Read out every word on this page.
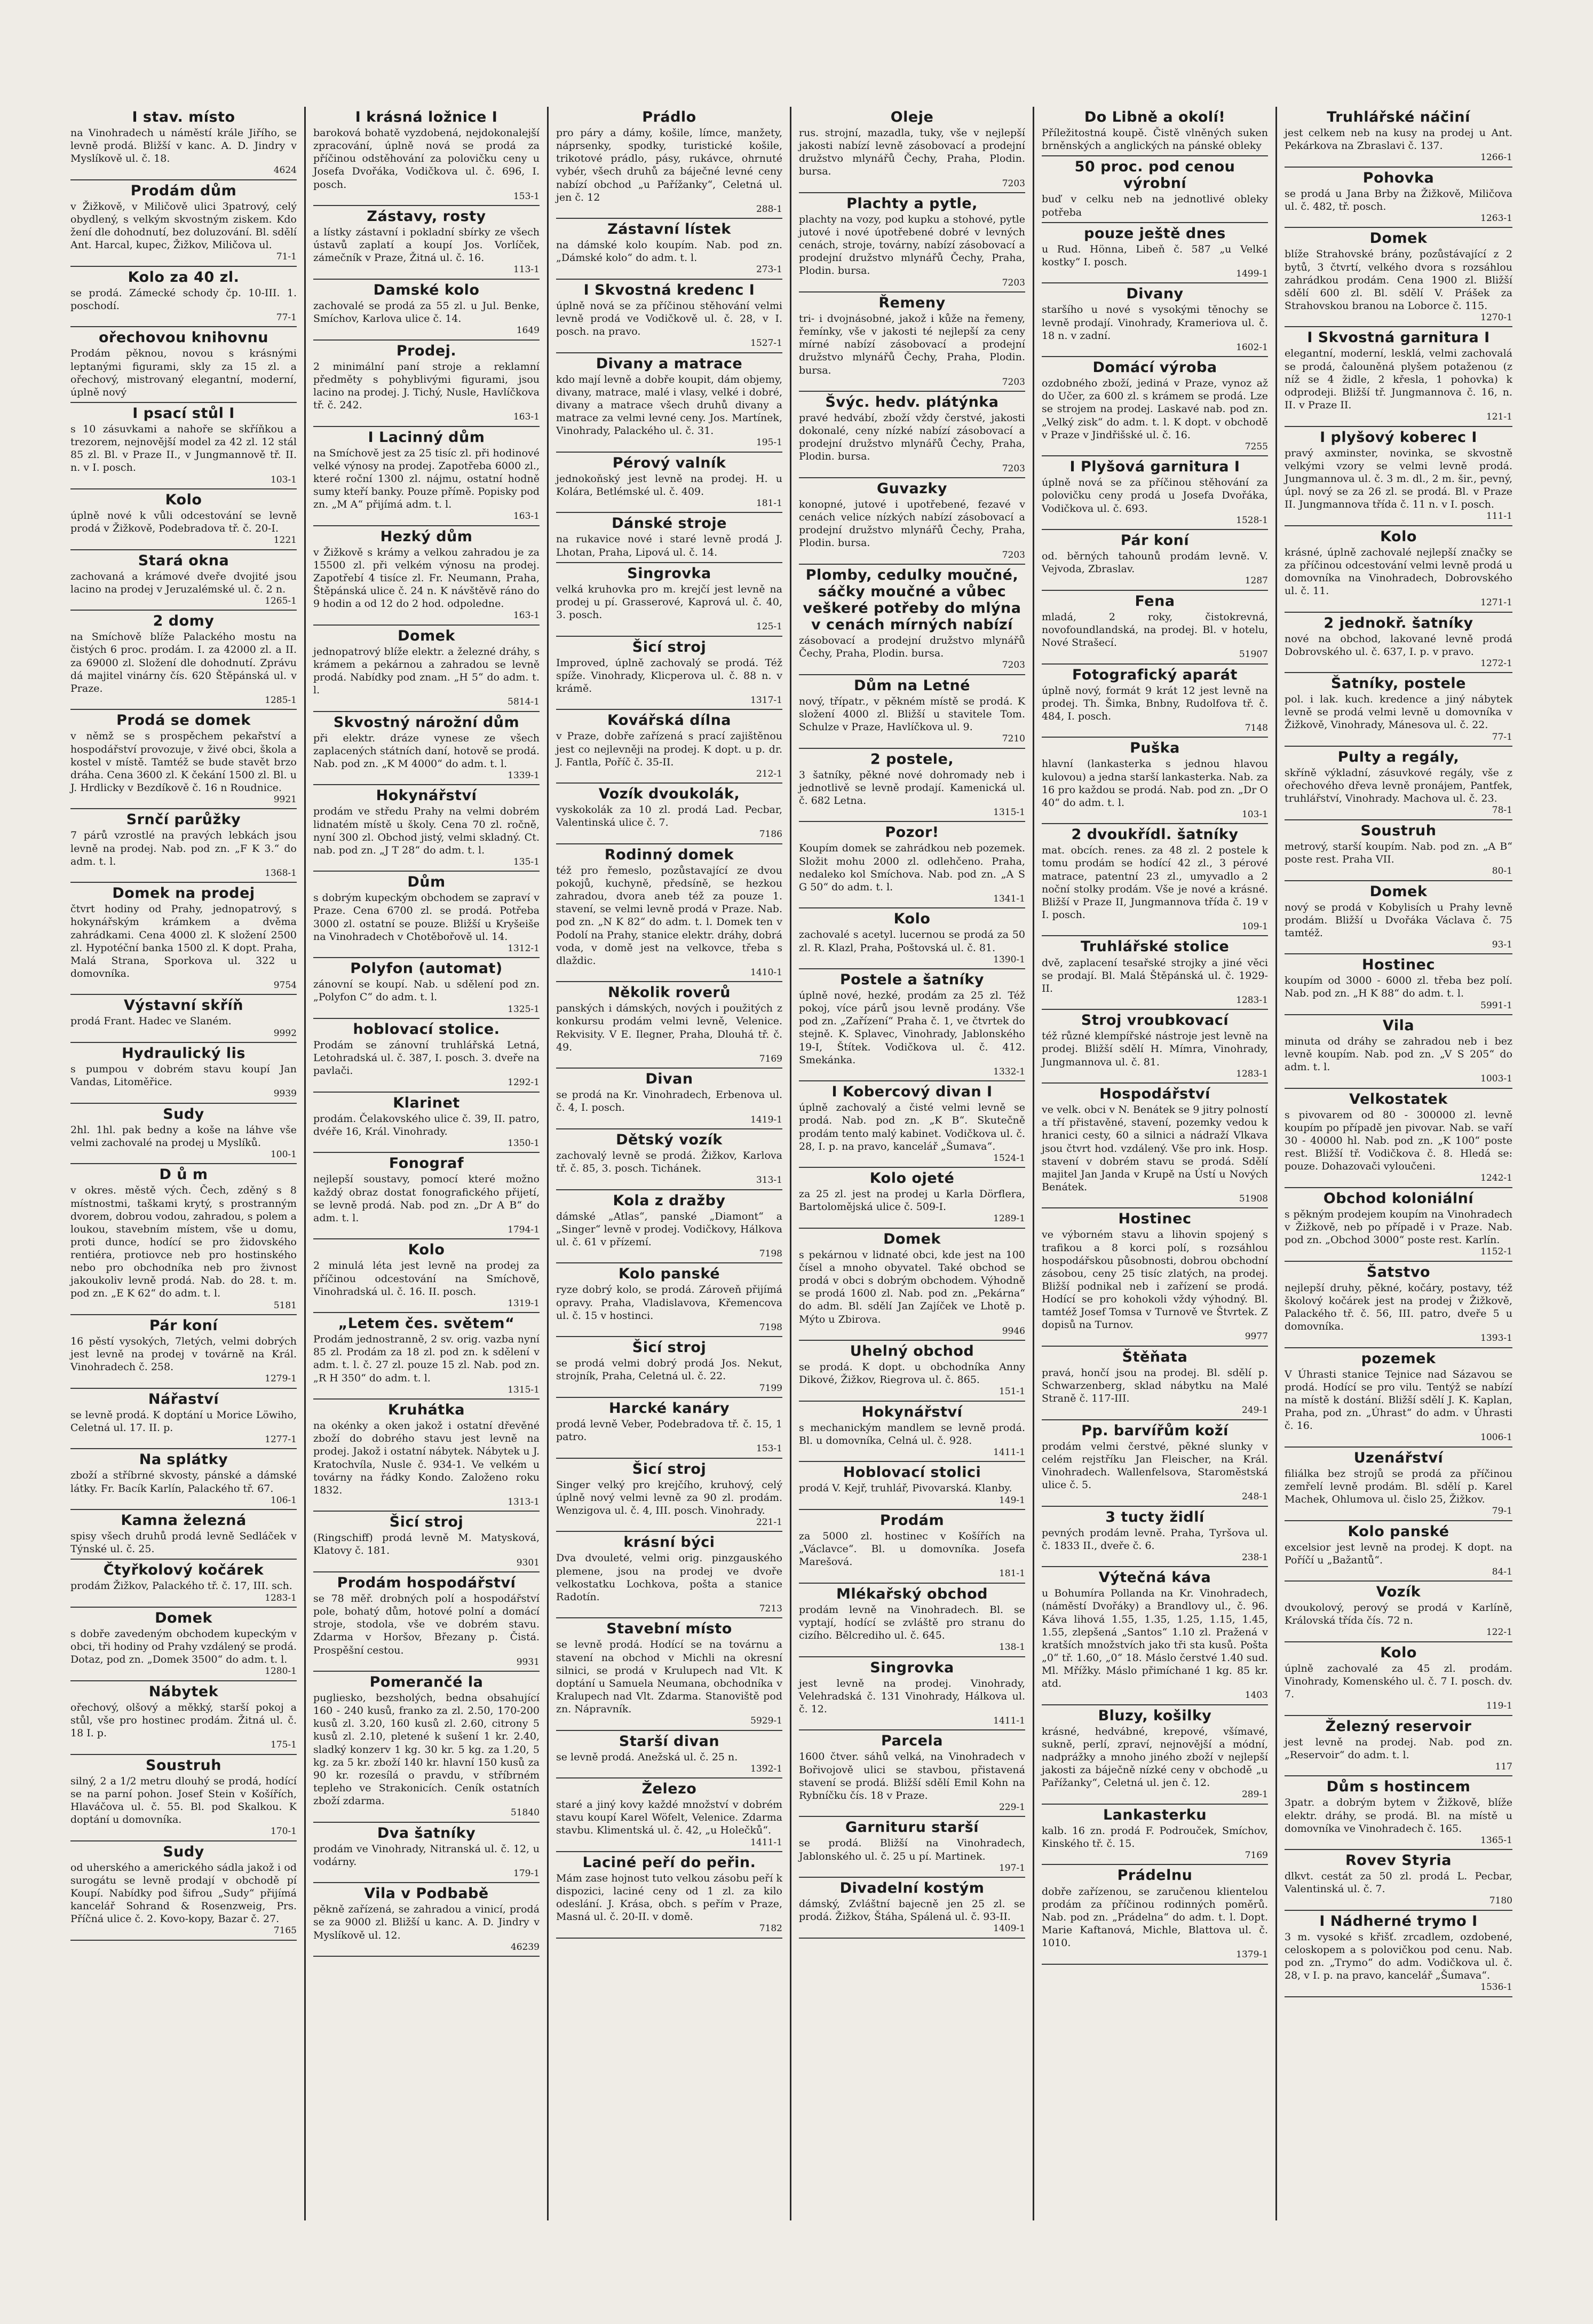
I stav. místo

na Vinohradech u náměstí krále Jiřího, se levně prodá. Bližší v kanc. A. D. Jindry v Myslíkově ul. č. 18.

4624
Prodám dům

v Žižkově, v Miličově ulici 3patrový, celý obydlený, s velkým skvostným ziskem. Kdo žení dle dohodnutí, bez doluzování. Bl. sdělí Ant. Harcal, kupec, Žižkov, Miličova ul.

71-1
Kolo za 40 zl.

se prodá. Zámecké schody čp. 10-III. 1. poschodí.

77-1
ořechovou knihovnu

Prodám pěknou, novou s krásnými leptanými figurami, skly za 15 zl. a ořechový, mistrovaný elegantní, moderní, úplně nový

I psací stůl I

s 10 zásuvkami a nahoře se skříňkou a trezorem, nejnovější model za 42 zl. 12 stál 85 zl. Bl. v Praze II., v Jungmannově tř. II. n. v I. posch.

103-1
Kolo

úplně nové k vůli odcestování se levně prodá v Žižkově, Podebradova tř. č. 20-I.

1221
Stará okna

zachovaná a krámové dveře dvojité jsou lacino na prodej v Jeruzalémské ul. č. 2 n.

1265-1
2 domy

na Smíchově blíže Palackého mostu na čistých 6 proc. prodám. I. za 42000 zl. a II. za 69000 zl. Složení dle dohodnutí. Zprávu dá majitel vinárny čís. 620 Štěpánská ul. v Praze.

1285-1
Prodá se domek

v němž se s prospěchem pekařství a hospodářství provozuje, v živé obci, škola a kostel v místě. Tamtéž se bude stavět brzo dráha. Cena 3600 zl. K čekání 1500 zl. Bl. u J. Hrdlicky v Bezdíkově č. 16 n Roudnice.

9921
Srnčí parůžky

7 párů vzrostlé na pravých lebkách jsou levně na prodej. Nab. pod zn. „F K 3.“ do adm. t. l.

1368-1
Domek na prodej

čtvrt hodiny od Prahy, jednopatrový, s hokynářským krámkem a dvěma zahrádkami. Cena 4000 zl. K složení 2500 zl. Hypotéční banka 1500 zl. K dopt. Praha, Malá Strana, Sporkova ul. 322 u domovníka.

9754
Výstavní skříň

prodá Frant. Hadec ve Slaném.

9992
Hydraulický lis

s pumpou v dobrém stavu koupí Jan Vandas, Litoměřice.

9939
Sudy

2hl. 1hl. pak bedny a koše na láhve vše velmi zachovalé na prodej u Myslíků.

100-1
D ů m

v okres. městě vých. Čech, zděný s 8 místnostmi, taškami krytý, s prostranným dvorem, dobrou vodou, zahradou, s polem a loukou, stavebním místem, vše u domu, proti dunce, hodící se pro židovského rentiéra, protiovce neb pro hostinského nebo pro obchodníka neb pro živnost jakoukoliv levně prodá. Nab. do 28. t. m. pod zn. „E K 62“ do adm. t. l.

5181
Pár koní

16 pěstí vysokých, 7letých, velmi dobrých jest levně na prodej v továrně na Král. Vinohradech č. 258.

1279-1
Nářaství

se levně prodá. K doptání u Morice Löwiho, Celetná ul. 17. II. p.

1277-1
Na splátky

zboží a stříbrné skvosty, pánské a dámské látky. Fr. Bacík Karlín, Palackého tř. 67.

106-1
Kamna železná

spisy všech druhů prodá levně Sedláček v Týnské ul. č. 25.

Čtyřkolový kočárek

prodám Žižkov, Palackého tř. č. 17, III. sch.

1283-1
Domek

s dobře zavedeným obchodem kupeckým v obci, tři hodiny od Prahy vzdálený se prodá. Dotaz, pod zn. „Domek 3500“ do adm. t. l.

1280-1
Nábytek

ořechový, olšový a měkký, starší pokoj a stůl, vše pro hostinec prodám. Žitná ul. č. 18 I. p.

175-1
Soustruh

silný, 2 a 1/2 metru dlouhý se prodá, hodící se na parní pohon. Josef Stein v Košířích, Hlaváčova ul. č. 55. Bl. pod Skalkou. K doptání u domovníka.

170-1
Sudy

od uherského a amerického sádla jakož i od surogátu se levně prodají v obchodě pí Koupí. Nabídky pod šifrou „Sudy“ přijímá kancelář Sohrand & Rosenzweig, Prs. Příčná ulice č. 2. Kovo-kopy, Bazar č. 27.

7165
I krásná ložnice I

baroková bohatě vyzdobená, nejdokonalejší zpracování, úplně nová se prodá za příčinou odstěhování za polovičku ceny u Josefa Dvořáka, Vodičkova ul. č. 696, I. posch.

153-1
Zástavy, rosty

a lístky zástavní i pokladní sbírky ze všech ústavů zaplatí a koupí Jos. Vorlíček, zámečník v Praze, Žitná ul. č. 16.

113-1
Damské kolo

zachovalé se prodá za 55 zl. u Jul. Benke, Smíchov, Karlova ulice č. 14.

1649
Prodej.

2 minimální paní stroje a reklamní předměty s pohyblivými figurami, jsou lacino na prodej. J. Tichý, Nusle, Havlíčkova tř. č. 242.

163-1
I Lacinný dům

na Smíchově jest za 25 tisíc zl. při hodinové velké výnosy na prodej. Zapotřeba 6000 zl., které roční 1300 zl. nájmu, ostatní hodně sumy kteří banky. Pouze přímě. Popisky pod zn. „M A“ přijímá adm. t. l.

163-1
Hezký dům

v Žižkově s krámy a velkou zahradou je za 15500 zl. při velkém výnosu na prodej. Zapotřebí 4 tisíce zl. Fr. Neumann, Praha, Štěpánská ulice č. 24 n. K návštěvě ráno do 9 hodin a od 12 do 2 hod. odpoledne.

163-1
Domek

jednopatrový blíže elektr. a železné dráhy, s krámem a pekárnou a zahradou se levně prodá. Nabídky pod znam. „H 5“ do adm. t. l.

5814-1
Skvostný nárožní dům

při elektr. dráze vynese ze všech zaplacených státních daní, hotově se prodá. Nab. pod zn. „K M 4000“ do adm. t. l.

1339-1
Hokynářství

prodám ve středu Prahy na velmi dobrém lidnatém místě u školy. Cena 70 zl. ročně, nyní 300 zl. Obchod jistý, velmi skladný. Ct. nab. pod zn. „J T 28“ do adm. t. l.

135-1
Dům

s dobrým kupeckým obchodem se zapraví v Praze. Cena 6700 zl. se prodá. Potřeba 3000 zl. ostatní se pouze. Bližší u Kryšeiše na Vinohradech v Chotěbořově ul. 14.

1312-1
Polyfon (automat)

zánovní se koupí. Nab. u sdělení pod zn. „Polyfon C“ do adm. t. l.

1325-1
hoblovací stolice.

Prodám se zánovní truhlářská Letná, Letohradská ul. č. 387, I. posch. 3. dveře na pavlači.

1292-1
Klarinet

prodám. Čelakovského ulice č. 39, II. patro, dvéře 16, Král. Vinohrady.

1350-1
Fonograf

nejlepší soustavy, pomocí které možno každý obraz dostat fonografického přijetí, se levně prodá. Nab. pod zn. „Dr A B“ do adm. t. l.

1794-1
Kolo

2 minulá léta jest levně na prodej za příčinou odcestování na Smíchově, Vinohradská ul. č. 16. II. posch.

1319-1
„Letem čes. světem“

Prodám jednostranně, 2 sv. orig. vazba nyní 85 zl. Prodám za 18 zl. pod zn. k sdělení v adm. t. l. č. 27 zl. pouze 15 zl. Nab. pod zn. „R H 350“ do adm. t. l.

1315-1
Kruhátka

na okénky a oken jakož i ostatní dřevěné zboží do dobrého stavu jest levně na prodej. Jakož i ostatní nábytek. Nábytek u J. Kratochvíla, Nusle č. 934-1. Ve velkém u továrny na řádky Kondo. Založeno roku 1832.

1313-1
Šicí stroj

(Ringschiff) prodá levně M. Matysková, Klatovy č. 181.

9301
Prodám hospodářství

se 78 měř. drobných polí a hospodářství pole, bohatý dům, hotové polní a domácí stroje, stodola, vše ve dobrém stavu. Zdarma v Horšov, Březany p. Čistá. Prospěšní cestou.

9931
Pomerančé la

pugliesko, bezsholých, bedna obsahující 160 - 240 kusů, franko za zl. 2.50, 170-200 kusů zl. 3.20, 160 kusů zl. 2.60, citrony 5 kusů zl. 2.10, pletené k sušení 1 kr. 2.40, sladký konzerv 1 kg. 30 kr. 5 kg. za 1.20, 5 kg. za 5 kr. zboží 140 kr. hlavní 150 kusů za 90 kr. rozesílá o pravdu, v stříbrném tepleho ve Strakonicích. Ceník ostatních zboží zdarma.

51840
Dva šatníky

prodám ve Vinohrady, Nitranská ul. č. 12, u vodárny.

179-1
Vila v Podbabě

pěkně zařízená, se zahradou a vinicí, prodá se za 9000 zl. Bližší u kanc. A. D. Jindry v Myslíkově ul. 12.

46239
Prádlo

pro páry a dámy, košile, límce, manžety, náprsenky, spodky, turistické košile, trikotové prádlo, pásy, rukávce, ohrnuté vybér, všech druhů za báječné levné ceny nabízí obchod „u Pařížanky“, Celetná ul. jen č. 12

288-1
Zástavní lístek

na dámské kolo koupím. Nab. pod zn. „Dámské kolo“ do adm. t. l.

273-1
I Skvostná kredenc I

úplně nová se za příčinou stěhování velmi levně prodá ve Vodičkově ul. č. 28, v I. posch. na pravo.

1527-1
Divany a matrace

kdo mají levně a dobře koupit, dám objemy, divany, matrace, malé i vlasy, velké i dobré, divany a matrace všech druhů divany a matrace za velmi levné ceny. Jos. Martínek, Vinohrady, Palackého ul. č. 31.

195-1
Pérový valník

jednokoňský jest levně na prodej. H. u Kolára, Betlémské ul. č. 409.

181-1
Dánské stroje

na rukavice nové i staré levně prodá J. Lhotan, Praha, Lipová ul. č. 14.

Singrovka

velká kruhovka pro m. krejčí jest levně na prodej u pí. Grasserové, Kaprová ul. č. 40, 3. posch.

125-1
Šicí stroj

Improved, úplně zachovalý se prodá. Též spíže. Vinohrady, Klicperova ul. č. 88 n. v krámě.

1317-1
Kovářská dílna

v Praze, dobře zařízená s prací zajištěnou jest co nejlevněji na prodej. K dopt. u p. dr. J. Fantla, Poříč č. 35-II.

212-1
Vozík dvoukolák,

vyskokolák za 10 zl. prodá Lad. Pecbar, Valentinská ulice č. 7.

7186
Rodinný domek

též pro řemeslo, pozůstavající ze dvou pokojů, kuchyně, předsíně, se hezkou zahradou, dvora aneb též za pouze 1. stavení, se velmi levně prodá v Praze. Nab. pod zn. „N K 82“ do adm. t. l. Domek ten v Podolí na Prahy, stanice elektr. dráhy, dobrá voda, v domě jest na velkovce, třeba s dlaždic.

1410-1
Několik roverů

panských i dámských, nových i použitých z konkursu prodám velmi levně, Velenice. Rekvisity. V E. Ilegner, Praha, Dlouhá tř. č. 49.

7169
Divan

se prodá na Kr. Vinohradech, Erbenova ul. č. 4, I. posch.

1419-1
Dětský vozík

zachovalý levně se prodá. Žižkov, Karlova tř. č. 85, 3. posch. Tichánek.

313-1
Kola z dražby

dámské „Atlas“, panské „Diamont“ a „Singer“ levně v prodej. Vodičkovy, Hálkova ul. č. 61 v přízemí.

7198
Kolo panské

ryze dobrý kolo, se prodá. Zároveň přijímá opravy. Praha, Vladislavova, Křemencova ul. č. 15 v hostinci.

7198
Šicí stroj

se prodá velmi dobrý prodá Jos. Nekut, strojník, Praha, Celetná ul. č. 22.

7199
Harcké kanáry

prodá levně Veber, Podebradova tř. č. 15, 1 patro.

153-1
Šicí stroj

Singer velký pro krejčího, kruhový, celý úplně nový velmi levně za 90 zl. prodám. Wenzigova ul. č. 4, III. posch. Vinohrady.

221-1
krásní býci

Dva dvouleté, velmi orig. pinzgauského plemene, jsou na prodej ve dvoře velkostatku Lochkova, pošta a stanice Radotín.

7213
Stavební místo

se levně prodá. Hodící se na továrnu a stavení na obchod v Michli na okresní silnici, se prodá v Krulupech nad Vlt. K doptání u Samuela Neumana, obchodníka v Kralupech nad Vlt. Zdarma. Stanoviště pod zn. Nápravník.

5929-1
Starší divan

se levně prodá. Anežská ul. č. 25 n.

1392-1
Železo

staré a jiný kovy každé množství v dobrém stavu koupí Karel Wöfelt, Velenice. Zdarma stavbu. Klimentská ul. č. 42, „u Holečků“.

1411-1
Laciné peří do peřin.

Mám zase hojnost tuto velkou zásobu peří k dispozici, laciné ceny od 1 zl. za kilo odeslání. J. Krása, obch. s peřím v Praze, Masná ul. č. 20-II. v domě.

7182
Oleje

rus. strojní, mazadla, tuky, vše v nejlepší jakosti nabízí levně zásobovací a prodejní družstvo mlynářů Čechy, Praha, Plodin. bursa.

7203
Plachty a pytle,

plachty na vozy, pod kupku a stohové, pytle jutové i nové úpotřebené dobré v levných cenách, stroje, továrny, nabízí zásobovací a prodejní družstvo mlynářů Čechy, Praha, Plodin. bursa.

7203
Řemeny

tri- i dvojnásobné, jakož i kůže na řemeny, řemínky, vše v jakosti té nejlepší za ceny mírné nabízí zásobovací a prodejní družstvo mlynářů Čechy, Praha, Plodin. bursa.

7203
Švýc. hedv. plátýnka

pravé hedvábí, zboží vždy čerstvé, jakosti dokonalé, ceny nízké nabízí zásobovací a prodejní družstvo mlynářů Čechy, Praha, Plodin. bursa.

7203
Guvazky

konopné, jutové i upotřebené, fezavé v cenách velice nízkých nabízí zásobovací a prodejní družstvo mlynářů Čechy, Praha, Plodin. bursa.

7203
Plomby, cedulky moučné, sáčky moučné a vůbec veškeré potřeby do mlýna v cenách mírných nabízí

zásobovací a prodejní družstvo mlynářů Čechy, Praha, Plodin. bursa.

7203
Dům na Letné

nový, třípatr., v pěkném místě se prodá. K složení 4000 zl. Bližší u stavitele Tom. Schulze v Praze, Havlíčkova ul. 9.

7210
2 postele,

3 šatníky, pěkné nové dohromady neb i jednotlivě se levně prodají. Kamenická ul. č. 682 Letna.

1315-1
Pozor!

Koupím domek se zahrádkou neb pozemek. Složit mohu 2000 zl. odlehčeno. Praha, nedaleko kol Smíchova. Nab. pod zn. „A S G 50“ do adm. t. l.

1341-1
Kolo

zachovalé s acetyl. lucernou se prodá za 50 zl. R. Klazl, Praha, Poštovská ul. č. 81.

1390-1
Postele a šatníky

úplně nové, hezké, prodám za 25 zl. Též pokoj, více párů jsou levně prodány. Vše pod zn. „Zařízení“ Praha č. 1, ve čtvrtek do stejně. K. Splavec, Vinohrady, Jablonského 19-I, Štítek. Vodičkova ul. č. 412. Smekánka.

1332-1
I Kobercový divan I

úplně zachovalý a čisté velmi levně se prodá. Nab. pod zn. „K B“. Skutečně prodám tento malý kabinet. Vodičkova ul. č. 28, I. p. na pravo, kancelář „Šumava“.

1524-1
Kolo ojeté

za 25 zl. jest na prodej u Karla Dörflera, Bartolomějská ulice č. 509-I.

1289-1
Domek

s pekárnou v lidnaté obci, kde jest na 100 čísel a mnoho obyvatel. Také obchod se prodá v obci s dobrým obchodem. Výhodně se prodá 1600 zl. Nab. pod zn. „Pekárna“ do adm. Bl. sdělí Jan Zajíček ve Lhotě p. Mýto u Zbirova.

9946
Uhelný obchod

se prodá. K dopt. u obchodníka Anny Dikové, Žižkov, Riegrova ul. č. 865.

151-1
Hokynářství

s mechanickým mandlem se levně prodá. Bl. u domovníka, Celná ul. č. 928.

1411-1
Hoblovací stolici

prodá V. Kejř, truhlář, Pivovarská. Klanby.

149-1
Prodám

za 5000 zl. hostinec v Košířích na „Václavce“. Bl. u domovníka. Josefa Marešová.

181-1
Mlékařský obchod

prodám levně na Vinohradech. Bl. se vyptají, hodící se zvláště pro stranu do cizího. Bělcrediho ul. č. 645.

138-1
Singrovka

jest levně na prodej. Vinohrady, Velehradská č. 131 Vinohrady, Hálkova ul. č. 12.

1411-1
Parcela

1600 čtver. sáhů velká, na Vinohradech v Bořivojově ulici se stavbou, přistavená stavení se prodá. Bližší sdělí Emil Kohn na Rybníčku čís. 18 v Praze.

229-1
Garnituru starší

se prodá. Bližší na Vinohradech, Jablonského ul. č. 25 u pí. Martinek.

197-1
Divadelní kostým

dámský, Zvláštní bajecně jen 25 zl. se prodá. Žižkov, Štáha, Spálená ul. č. 93-II.

1409-1
Do Libně a okolí!

Příležitostná koupě. Čistě vlněných suken brněnských a anglických na pánské obleky

50 proc. pod cenou výrobní

buď v celku neb na jednotlivé obleky potřeba

pouze ještě dnes

u Rud. Hönna, Libeň č. 587 „u Velké kostky“ I. posch.

1499-1
Divany

staršího u nové s vysokými těnochy se levně prodají. Vinohrady, Krameriova ul. č. 18 n. v zadní.

1602-1
Domácí výroba

ozdobného zboží, jediná v Praze, vynoz až do Učer, za 600 zl. s krámem se prodá. Lze se strojem na prodej. Laskavé nab. pod zn. „Velký zisk“ do adm. t. l. K dopt. v obchodě v Praze v Jindřišské ul. č. 16.

7255
I Plyšová garnitura I

úplně nová se za příčinou stěhování za polovičku ceny prodá u Josefa Dvořáka, Vodičkova ul. č. 693.

1528-1
Pár koní

od. běrných tahounů prodám levně. V. Vejvoda, Zbraslav.

1287
Fena

mladá, 2 roky, čistokrevná, novofoundlandská, na prodej. Bl. v hotelu, Nové Strašecí.

51907
Fotografický aparát

úplně nový, formát 9 krát 12 jest levně na prodej. Th. Šimka, Bnbny, Rudolfova tř. č. 484, I. posch.

7148
Puška

hlavní (lankasterka s jednou hlavou kulovou) a jedna starší lankasterka. Nab. za 16 pro každou se prodá. Nab. pod zn. „Dr O 40“ do adm. t. l.

103-1
2 dvoukřídl. šatníky

mat. obcích. renes. za 48 zl. 2 postele k tomu prodám se hodící 42 zl., 3 pérové matrace, patentní 23 zl., umyvadlo a 2 noční stolky prodám. Vše je nové a krásné. Bližší v Praze II, Jungmannova třída č. 19 v I. posch.

109-1
Truhlářské stolice

dvě, zaplacení tesařské strojky a jiné věci se prodají. Bl. Malá Štěpánská ul. č. 1929-II.

1283-1
Stroj vroubkovací

též různé klempířské nástroje jest levně na prodej. Bližší sdělí H. Mímra, Vinohrady, Jungmannova ul. č. 81.

1283-1
Hospodářství

ve velk. obci v N. Benátek se 9 jitry polností a tří přistavěné, stavení, pozemky vedou k hranici cesty, 60 a silnici a nádraží Vlkava jsou čtvrt hod. vzdálený. Vše pro ink. Hosp. stavení v dobrém stavu se prodá. Sdělí majitel Jan Janda v Krupě na Ústí u Nových Benátek.

51908
Hostinec

ve výborném stavu a lihovin spojený s trafikou a 8 korci polí, s rozsáhlou hospodářskou působnosti, dobrou obchodní zásobou, ceny 25 tisíc zlatých, na prodej. Bližší podnikal neb i zařízení se prodá. Hodící se pro kohokoli vždy výhodný. Bl. tamtéž Josef Tomsa v Turnově ve Štvrtek. Z dopisů na Turnov.

9977
Štěňata

pravá, hončí jsou na prodej. Bl. sdělí p. Schwarzenberg, sklad nábytku na Malé Straně č. 117-III.

249-1
Pp. barvířům koží

prodám velmi čerstvé, pěkné slunky v celém rejstříku Jan Fleischer, na Král. Vinohradech. Wallenfelsova, Staroměstská ulice č. 5.

248-1
3 tucty židlí

pevných prodám levně. Praha, Tyršova ul. č. 1833 II., dveře č. 6.

238-1
Výtečná káva

u Bohumíra Pollanda na Kr. Vinohradech, (náměstí Dvořáky) a Brandlovy ul., č. 96. Káva lihová 1.55, 1.35, 1.25, 1.15, 1.45, 1.55, zlepšená „Santos“ 1.10 zl. Pražená v kratších množstvích jako tři sta kusů. Pošta „0“ tř. 1.60, „0“ 18. Máslo čerstvé 1.40 sud. Ml. Mřížky. Máslo přimíchané 1 kg. 85 kr. atd.

1403
Bluzy, košilky

krásné, hedvábné, krepové, všímavé, sukně, perlí, zpraví, nejnovější a módní, nadprážky a mnoho jiného zboží v nejlepší jakosti za báječně nízké ceny v obchodě „u Pařížanky“, Celetná ul. jen č. 12.

289-1
Lankasterku

kalb. 16 zn. prodá F. Podrouček, Smíchov, Kinského tř. č. 15.

7169
Prádelnu

dobře zařízenou, se zaručenou klientelou prodám za příčinou rodinných poměrů. Nab. pod zn. „Prádelna“ do adm. t. l. Dopt. Marie Kaftanová, Michle, Blattova ul. č. 1010.

1379-1
Truhlářské náčiní

jest celkem neb na kusy na prodej u Ant. Pekárkova na Zbraslavi č. 137.

1266-1
Pohovka

se prodá u Jana Brby na Žižkově, Miličova ul. č. 482, tř. posch.

1263-1
Domek

blíže Strahovské brány, pozůstávající z 2 bytů, 3 čtvrtí, velkého dvora s rozsáhlou zahrádkou prodám. Cena 1900 zl. Bližší sdělí 600 zl. Bl. sdělí V. Prášek za Strahovskou branou na Loborce č. 115.

1270-1
I Skvostná garnitura I

elegantní, moderní, lesklá, velmi zachovalá se prodá, čalouněná plyšem potaženou (z níž se 4 židle, 2 křesla, 1 pohovka) k odprodeji. Bližší tř. Jungmannova č. 16, n. II. v Praze II.

121-1
I plyšový koberec I

pravý axminster, novinka, se skvostně velkými vzory se velmi levně prodá. Jungmannova ul. č. 3 m. dl., 2 m. šir., pevný, úpl. nový se za 26 zl. se prodá. Bl. v Praze II. Jungmannova třída č. 11 n. v I. posch.

111-1
Kolo

krásné, úplně zachovalé nejlepší značky se za příčinou odcestování velmi levně prodá u domovníka na Vinohradech, Dobrovského ul. č. 11.

1271-1
2 jednokř. šatníky

nové na obchod, lakované levně prodá Dobrovského ul. č. 637, I. p. v pravo.

1272-1
Šatníky, postele

pol. i lak. kuch. kredence a jiný nábytek levně se prodá velmi levně u domovníka v Žižkově, Vinohrady, Mánesova ul. č. 22.

77-1
Pulty a regály,

skříně výkladní, zásuvkové regály, vše z ořechového dřeva levně pronájem, Pantfek, truhlářství, Vinohrady. Machova ul. č. 23.

78-1
Soustruh

metrový, starší koupím. Nab. pod zn. „A B“ poste rest. Praha VII.

80-1
Domek

nový se prodá v Kobylisích u Prahy levně prodám. Bližší u Dvořáka Václava č. 75 tamtéž.

93-1
Hostinec

koupím od 3000 - 6000 zl. třeba bez polí. Nab. pod zn. „H K 88“ do adm. t. l.

5991-1
Vila

minuta od dráhy se zahradou neb i bez levně koupím. Nab. pod zn. „V S 205“ do adm. t. l.

1003-1
Velkostatek

s pivovarem od 80 - 300000 zl. levně koupím po případě jen pivovar. Nab. se vaří 30 - 40000 hl. Nab. pod zn. „K 100“ poste rest. Bližší tř. Vodičkova č. 8. Hledá se: pouze. Dohazovači vyloučeni.

1242-1
Obchod koloniální

s pěkným prodejem koupím na Vinohradech v Žižkově, neb po případě i v Praze. Nab. pod zn. „Obchod 3000“ poste rest. Karlín.

1152-1
Šatstvo

nejlepší druhy, pěkné, kočáry, postavy, též školový kočárek jest na prodej v Žižkově, Palackého tř. č. 56, III. patro, dveře 5 u domovníka.

1393-1
pozemek

V Úhrasti stanice Tejnice nad Sázavou se prodá. Hodící se pro vilu. Tentýž se nabízí na místě k dostání. Bližší sdělí J. K. Kaplan, Praha, pod zn. „Úhrast“ do adm. v Úhrasti č. 16.

1006-1
Uzenářství

filiálka bez strojů se prodá za příčinou zemřelí levně prodám. Bl. sdělí p. Karel Machek, Ohlumova ul. čislo 25, Žižkov.

79-1
Kolo panské

excelsior jest levně na prodej. K dopt. na Poříčí u „Bažantů“.

84-1
Vozík

dvoukolový, perový se prodá v Karlíně, Královská třída čís. 72 n.

122-1
Kolo

úplně zachovalé za 45 zl. prodám. Vinohrady, Komenského ul. č. 7 I. posch. dv. 7.

119-1
Železný reservoir

jest levně na prodej. Nab. pod zn. „Reservoir“ do adm. t. l.

117
Dům s hostincem

3patr. a dobrým bytem v Žižkově, blíže elektr. dráhy, se prodá. Bl. na místě u domovníka ve Vinohradech č. 165.

1365-1
Rovev Styria

dlkvt. cestát za 50 zl. prodá L. Pecbar, Valentinská ul. č. 7.

7180
I Nádherné trymo I

3 m. vysoké s křišť. zrcadlem, ozdobené, celoskopem a s polovičkou pod cenu. Nab. pod zn. „Trymo“ do adm. Vodičkova ul. č. 28, v I. p. na pravo, kancelář „Šumava“.

1536-1
